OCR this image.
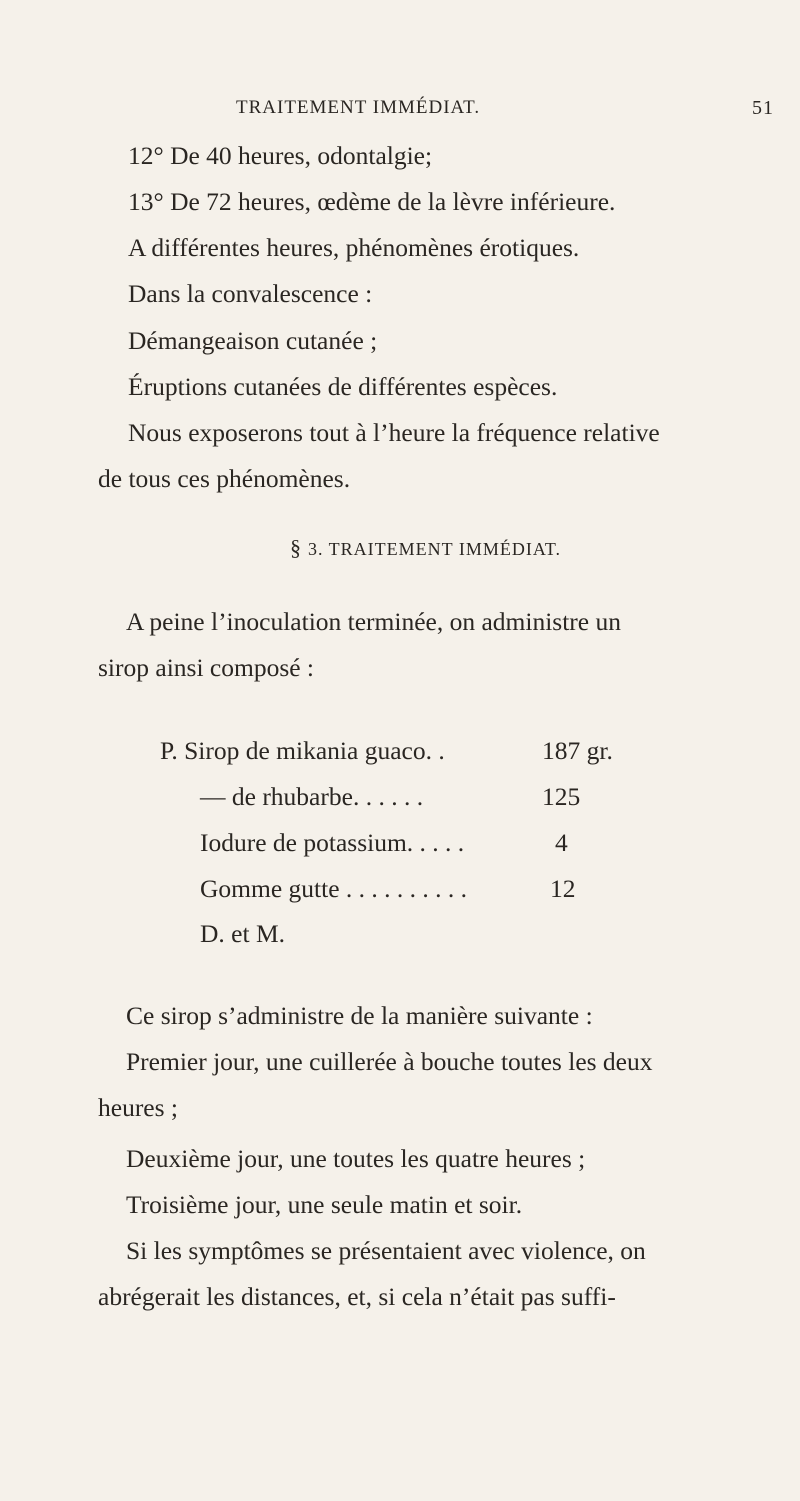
TRAITEMENT IMMÉDIAT.	51
12° De 40 heures, odontalgie;
13° De 72 heures, œdème de la lèvre inférieure.
A différentes heures, phénomènes érotiques.
Dans la convalescence :
Démangeaison cutanée ;
Éruptions cutanées de différentes espèces.
Nous exposerons tout à l’heure la fréquence relative
de tous ces phénomènes.
§ 3. TRAITEMENT IMMÉDIAT.
A peine l’inoculation terminée, on administre un
sirop ainsi composé :
P. Sirop de mikania guaco. .	187 gr.
— de rhubarbe. . . . . .	125
Iodure de potassium. . . . .	4
Gomme gutte . . . . . . . . . .	12
D. et M.
Ce sirop s’administre de la manière suivante :
Premier jour, une cuillerée à bouche toutes les deux
heures ;
Deuxième jour, une toutes les quatre heures ;
Troisième jour, une seule matin et soir.
Si les symptômes se présentaient avec violence, on
abrégerait les distances, et, si cela n’était pas suffi-
